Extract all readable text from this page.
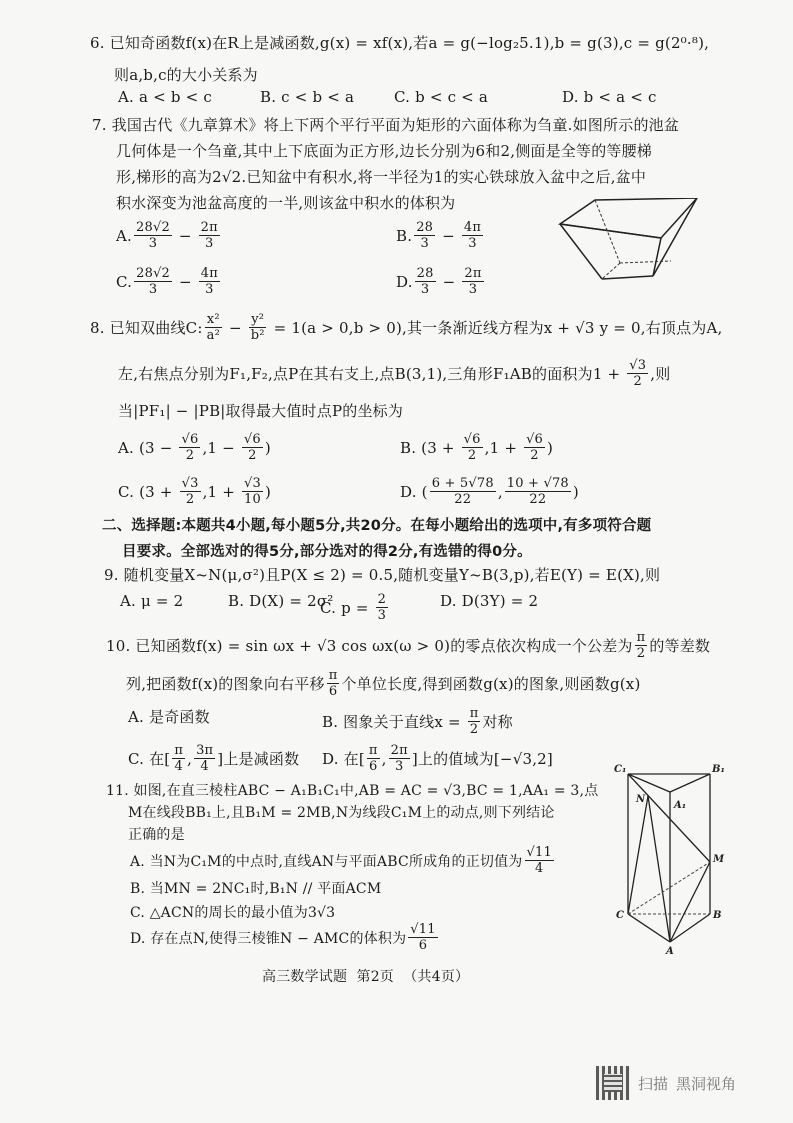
6. 已知奇函数f(x)在R上是减函数,g(x) = xf(x),若a = g(−log₂5.1),b = g(3),c = g(2⁰·⁸),
则a,b,c的大小关系为
A. a < b < c	B. c < b < a	C. b < c < a	D. b < a < c
7. 我国古代《九章算术》将上下两个平行平面为矩形的六面体称为刍童.如图所示的池盆
几何体是一个刍童,其中上下底面为正方形,边长分别为6和2,侧面是全等的等腰梯
形,梯形的高为2√2.已知盆中有积水,将一半径为1的实心铁球放入盆中之后,盆中
积水深变为池盆高度的一半,则该盆中积水的体积为
A. $\frac{28√2}{3} - \frac{2\pi}{3}$	B. $\frac{28}{3} - \frac{4\pi}{3}$
C. $\frac{28√2}{3} - \frac{4\pi}{3}$	D. $\frac{28}{3} - \frac{2\pi}{3}$
8. 已知双曲线C: $\frac{\text{x²}}{\text{a²}} - \frac{\text{y²}}{\text{b²}} = 1(a > 0,b > 0)$,其一条渐近线方程为x + √3 y = 0,右顶点为A,
左,右焦点分别为F₁,F₂,点P在其右支上,点B(3,1),三角形F₁AB的面积为$1 + \frac{√3}{2}$ ,则
当|PF₁| − |PB|取得最大值时点P的坐标为
A. ($3 - \frac{√6}{2} ,1 - \frac{√6}{2}$ )	B. ($3 + \frac{√6}{2} ,1 + \frac{√6}{2}$ )
C. ($3 + \frac{√3}{2} ,1 + \frac{√3}{10}$ )	D. ( $\frac{6 + 5√78}{22}$ , $\frac{10 + √78}{22}$ )
二、选择题:本题共4小题,每小题5分,共20分。在每小题给出的选项中,有多项符合题
目要求。全部选对的得5分,部分选对的得2分,有选错的得0分。
9. 随机变量X~N(μ,σ²)且P(X ≤ 2) = 0.5,随机变量Y~B(3,p),若E(Y) = E(X),则
A. μ = 2	B. D(X) = 2σ²
C. $p = \frac{2}{3}$	D. D(3Y) = 2
10. 已知函数f(x) = sin ωx + √3 cos ωx(ω > 0)的零点依次构成一个公差为 $\frac{\pi}{2}$ 的等差数
列,把函数f(x)的图象向右平移 $\frac{\pi}{6}$ 个单位长度,得到函数g(x)的图象,则函数g(x)
A. 是奇函数	B. 图象关于直线$x = \frac{\pi}{2}$ 对称
C. 在[ $\frac{\pi}{4}$ , $\frac{3\pi}{4}$ ]上是减函数 D. 在[ $\frac{\pi}{6}$ , $\frac{2\pi}{3}$ ]上的值域为[−√3,2]
11. 如图,在直三棱柱ABC − A₁B₁C₁中,AB = AC = √3,BC = 1,AA₁ = 3,点
M在线段BB₁上,且B₁M = 2MB,N为线段C₁M上的动点,则下列结论
正确的是
A. 当N为C₁M的中点时,直线AN与平面ABC所成角的正切值为 $\frac{√11}{4}$
B. 当MN = 2NC₁时,B₁N // 平面ACM
C. △ACN的周长的最小值为3√3
D. 存在点N,使得三棱锥N − AMC的体积为 $\frac{√11}{6}$
C₁	B₁
A₁
N
M
C	B
A
高三数学试题  第2页  （共4页）
扫描 黑洞视角
